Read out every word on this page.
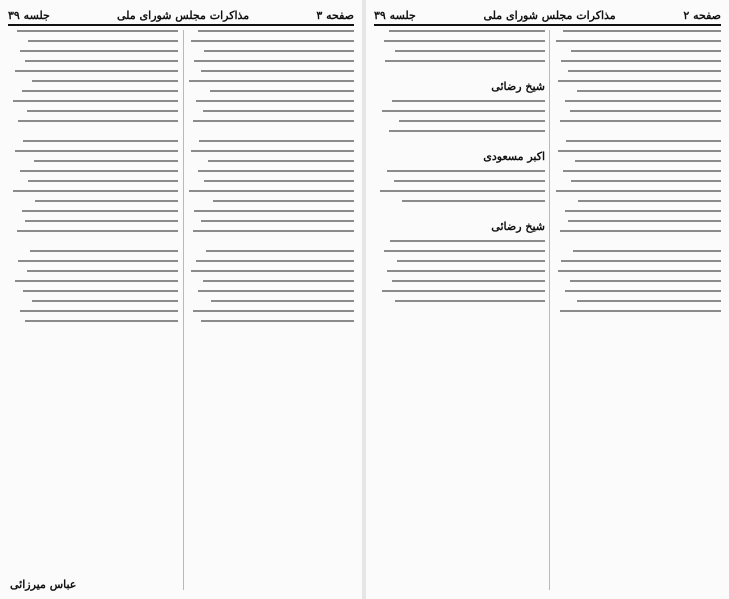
صفحه ۳
مذاکرات مجلس شورای ملی
جلسه ۳۹
عباس میرزائی
صفحه ۲
مذاکرات مجلس شورای ملی
جلسه ۳۹
شیخ رضائی
اکبر مسعودی
شیخ رضائی
